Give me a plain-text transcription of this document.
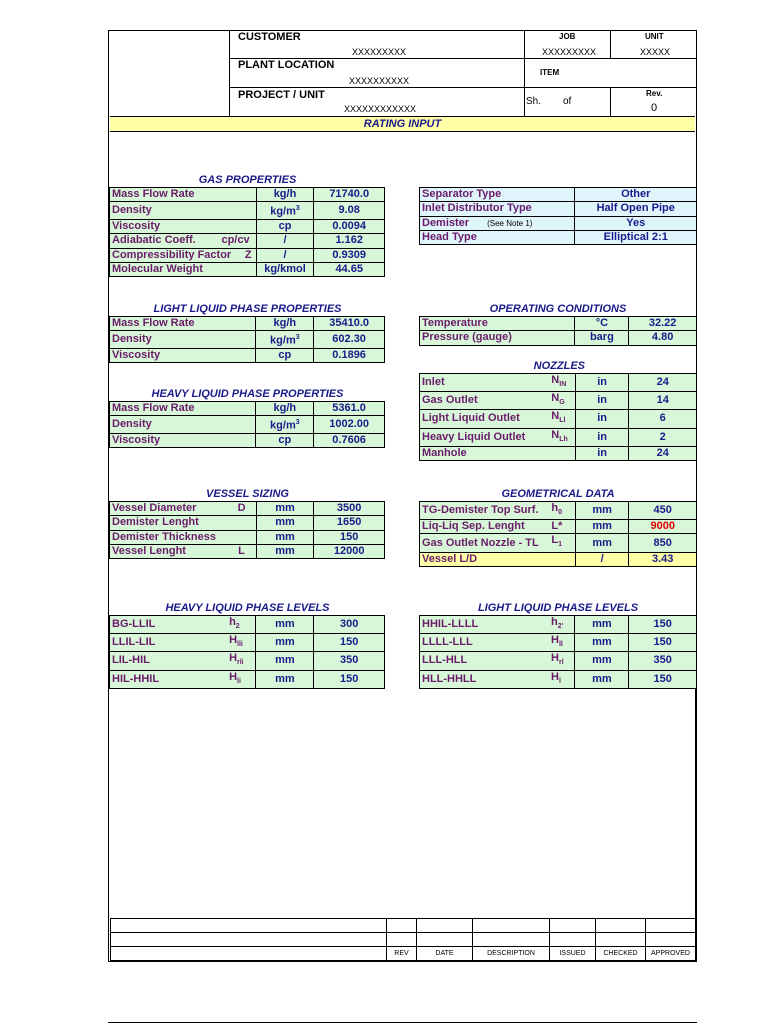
CUSTOMER
XXXXXXXXX
PLANT LOCATION
XXXXXXXXXX
PROJECT / UNIT
XXXXXXXXXXXX
JOB
XXXXXXXXX
UNIT
XXXXX
ITEM
Sh. of
Rev.
0
RATING INPUT
GAS PROPERTIES
Mass Flow Rate	kg/h	71740.0
Density	$kg/m^3$	9.08
Viscosity	cp	0.0094
Adiabatic Coeff. cp/cv	/	1.162
Compressibility Factor Z	/	0.9309
Molecular Weight	kg/kmol	44.65
Separator Type	Other
Inlet Distributor Type	Half Open Pipe
Demister (See Note 1)	Yes
Head Type	Elliptical 2:1
LIGHT LIQUID PHASE PROPERTIES
Mass Flow Rate	kg/h	35410.0
Density	$kg/m^3$	602.30
Viscosity	cp	0.1896
OPERATING CONDITIONS
Temperature	°C	32.22
Pressure (gauge)	barg	4.80
NOZZLES
Inlet	$N_{IN}$	in	24
Gas Outlet	$N_G$	in	14
Light Liquid Outlet	$N_{Ll}$	in	6
Heavy Liquid Outlet	$N_{Lh}$	in	2
Manhole		in	24
HEAVY LIQUID PHASE PROPERTIES
Mass Flow Rate	kg/h	5361.0
Density	$kg/m^3$	1002.00
Viscosity	cp	0.7606
VESSEL SIZING
Vessel Diameter	D	mm	3500
Demister Lenght		mm	1650
Demister Thickness		mm	150
Vessel Lenght	L	mm	12000
GEOMETRICAL DATA
TG-Demister Top Surf.	$h_0$	mm	450
Liq-Liq Sep. Lenght	L*	mm	9000
Gas Outlet Nozzle - TL	$L_1$	mm	850
Vessel L/D		/	3.43
HEAVY LIQUID PHASE LEVELS
BG-LLIL	$h_2$	mm	300
LLIL-LIL	$H_{lli}$	mm	150
LIL-HIL	$H_{rli}$	mm	350
HIL-HHIL	$H_{li}$	mm	150
LIGHT LIQUID PHASE LEVELS
HHIL-LLLL	$h_{2'}$	mm	150
LLLL-LLL	$H_{ll}$	mm	150
LLL-HLL	$H_{rl}$	mm	350
HLL-HHLL	$H_l$	mm	150

	REV	DATE	DESCRIPTION	ISSUED	CHECKED	APPROVED
